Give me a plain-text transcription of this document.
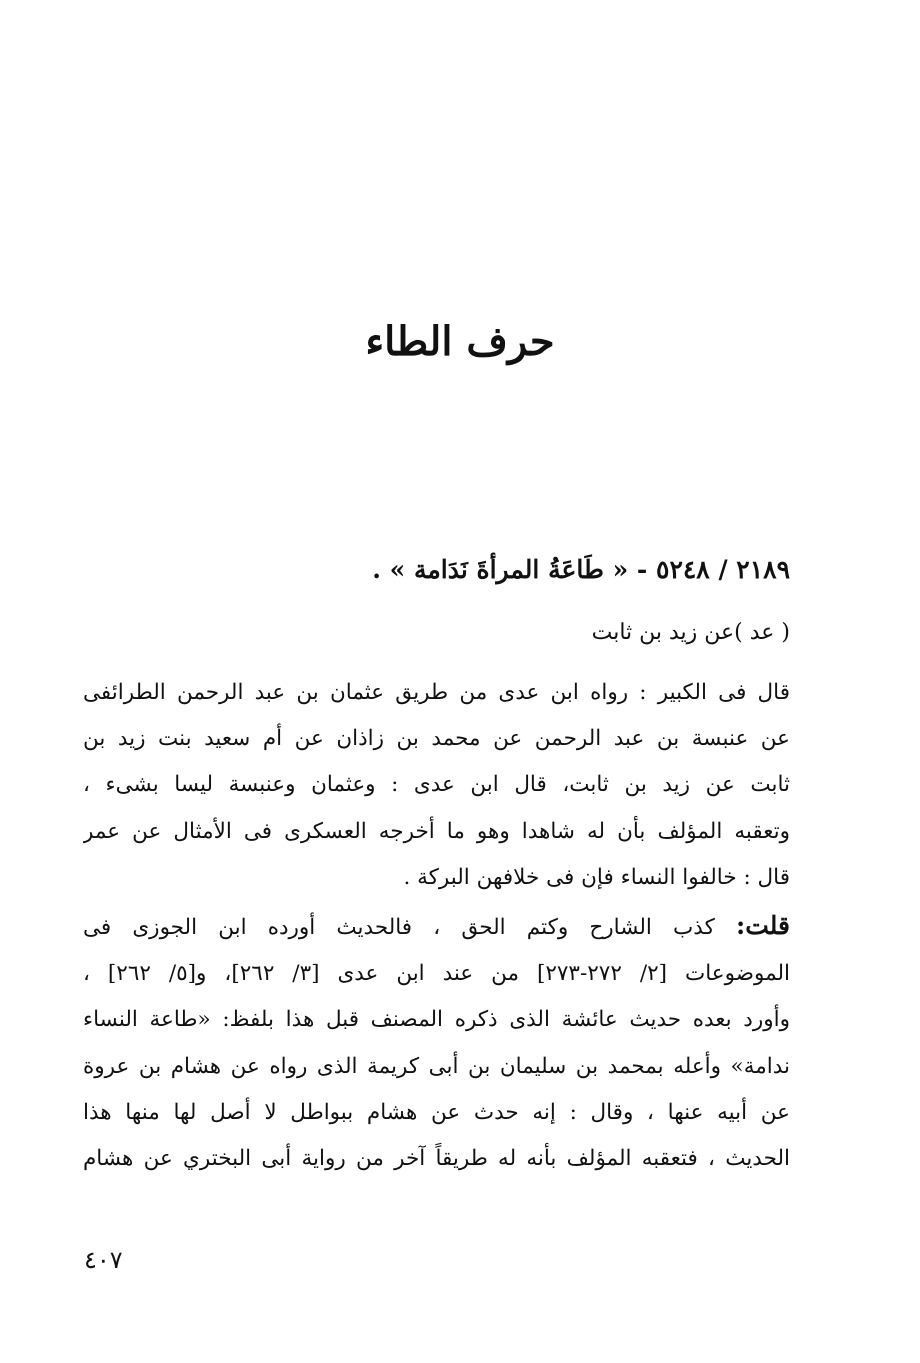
حرف الطاء
٢١٨٩ / ٥٢٤٨ - « طَاعَةُ المرأةَ نَدَامة » .
( عد )عن زيد بن ثابت
قال فى الكبير : رواه ابن عدى من طريق عثمان بن عبد الرحمن الطرائفى
عن عنبسة بن عبد الرحمن عن محمد بن زاذان عن أم سعيد بنت زيد بن
ثابت عن زيد بن ثابت، قال ابن عدى : وعثمان وعنبسة ليسا بشىء ،
وتعقبه المؤلف بأن له شاهدا وهو ما أخرجه العسكرى فى الأمثال عن عمر
قال : خالفوا النساء فإن فى خلافهن البركة .
قلت: كذب الشارح وكتم الحق ، فالحديث أورده ابن الجوزى فى
الموضوعات [٢/ ٢٧٢-٢٧٣] من عند ابن عدى [٣/ ٢٦٢]، و[٥/ ٢٦٢] ،
وأورد بعده حديث عائشة الذى ذكره المصنف قبل هذا بلفظ: «طاعة النساء
ندامة» وأعله بمحمد بن سليمان بن أبى كريمة الذى رواه عن هشام بن عروة
عن أبيه عنها ، وقال : إنه حدث عن هشام ببواطل لا أصل لها منها هذا
الحديث ، فتعقبه المؤلف بأنه له طريقاً آخر من رواية أبى البختري عن هشام
٤٠٧
